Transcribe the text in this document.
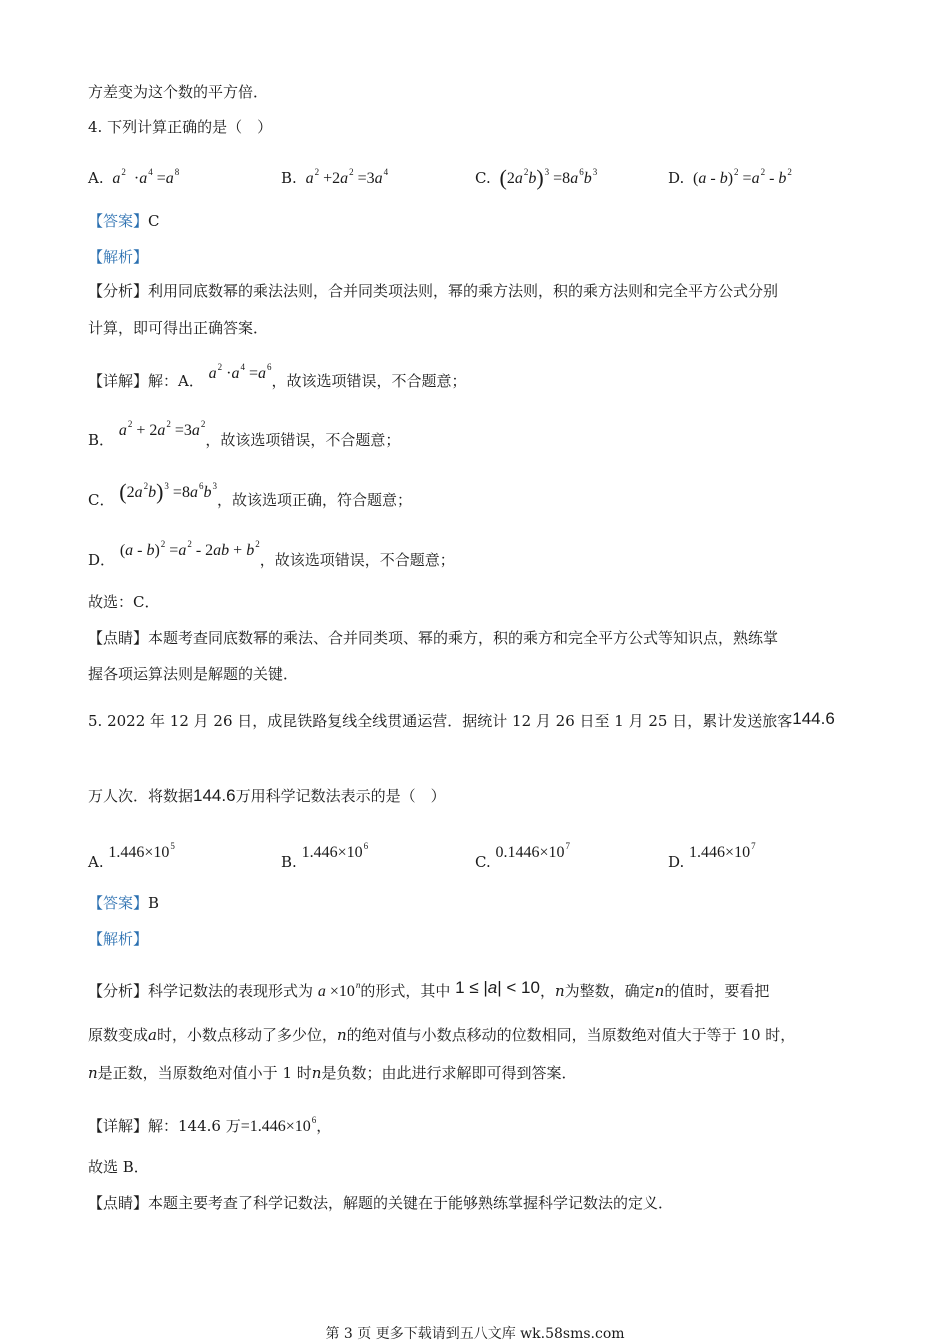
方差变为这个数的平方倍．
4. 下列计算正确的是（　）
A. $a^2 \cdot a^4 =a^8$	B. $a^2 +2a^2 =3a^4$	C. $(2a^2b)^3 =8a^6b^3$	D.  $(a - b)^2 =a^2 - b^2$
【答案】C
【解析】
【分析】利用同底数幂的乘法法则，合并同类项法则，幂的乘方法则，积的乘方法则和完全平方公式分别
计算，即可得出正确答案．
【详解】解：A． $a^2 \cdot a^4 =a^6$，故该选项错误，不合题意；
B． $a^2 + 2a^2 =3a^2$，故该选项错误，不合题意；
C． $(2a^2b)^3 =8a^6b^3$，故该选项正确，符合题意；
D． $(a - b)^2 =a^2 - 2ab + b^2$，故该选项错误，不合题意；
故选：C．
【点睛】本题考查同底数幂的乘法、合并同类项、幂的乘方，积的乘方和完全平方公式等知识点，熟练掌
握各项运算法则是解题的关键．
5. 2022 年 12 月 26 日，成昆铁路复线全线贯通运营．据统计 12 月 26 日至 1 月 25 日，累计发送旅客144.6
万人次．将数据144.6万用科学记数法表示的是（　）
A. $1.446\times 10^5$
B. $1.446\times 10^6$
C. $0.1446\times 10^7$
D. $1.446\times 10^7$
【答案】B
【解析】
【分析】科学记数法的表现形式为 $a \times 10^n$的形式，其中 1 ≤ |a| < 10，n为整数，确定n的值时，要看把
原数变成a时，小数点移动了多少位，n的绝对值与小数点移动的位数相同，当原数绝对值大于等于 10 时，
n是正数，当原数绝对值小于 1 时n是负数；由此进行求解即可得到答案．
【详解】解：144.6 万$=1.446\times 10^6$，
故选 B．
【点睛】本题主要考查了科学记数法，解题的关键在于能够熟练掌握科学记数法的定义．
第 3 页 更多下载请到五八文库 wk.58sms.com
